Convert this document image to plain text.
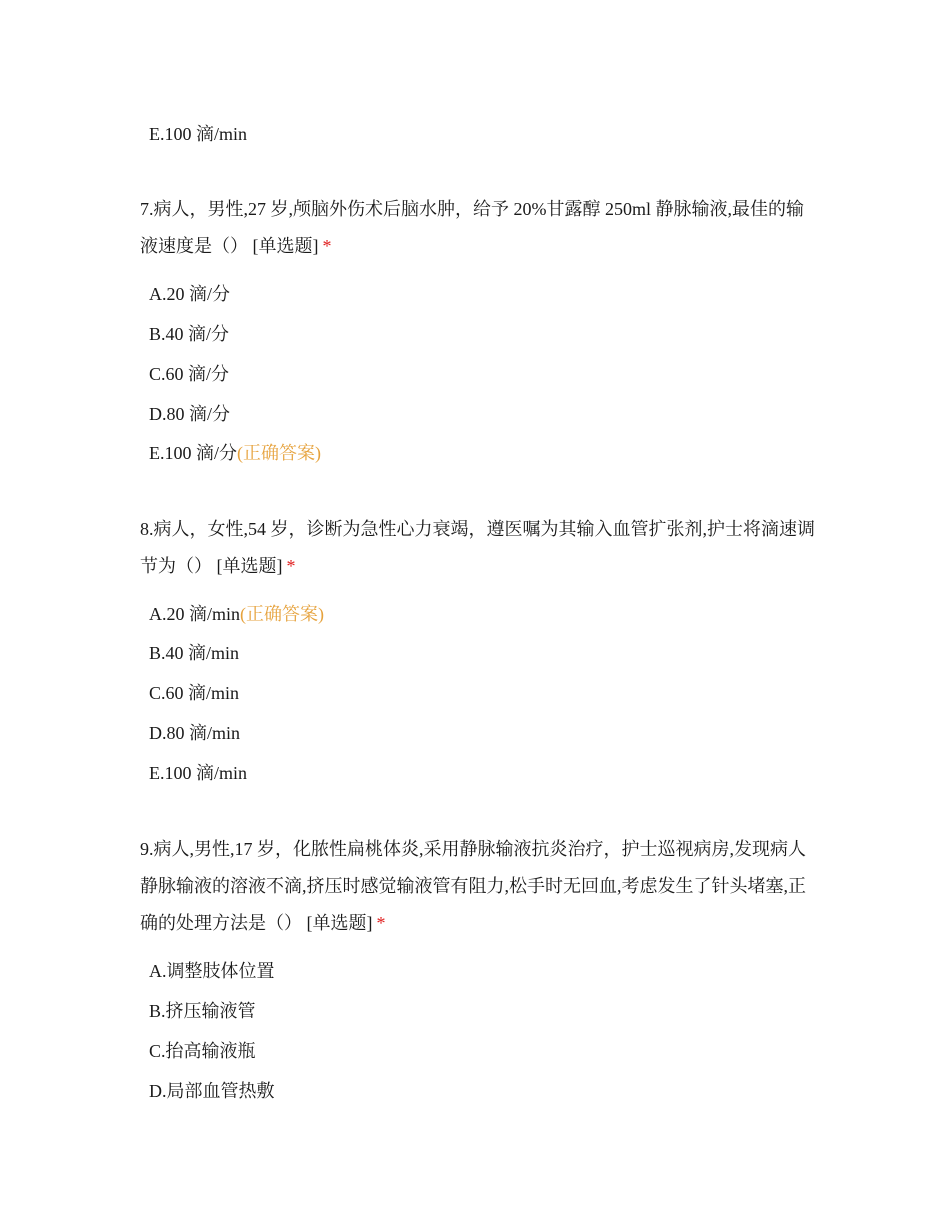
E.100 滴/min
7.病人，男性,27 岁,颅脑外伤术后脑水肿，给予 20%甘露醇 250ml 静脉输液,最佳的输液速度是（） [单选题] *
A.20 滴/分
B.40 滴/分
C.60 滴/分
D.80 滴/分
E.100 滴/分(正确答案)
8.病人，女性,54 岁，诊断为急性心力衰竭，遵医嘱为其输入血管扩张剂,护士将滴速调节为（） [单选题] *
A.20 滴/min(正确答案)
B.40 滴/min
C.60 滴/min
D.80 滴/min
E.100 滴/min
9.病人,男性,17 岁，化脓性扁桃体炎,采用静脉输液抗炎治疗，护士巡视病房,发现病人静脉输液的溶液不滴,挤压时感觉输液管有阻力,松手时无回血,考虑发生了针头堵塞,正确的处理方法是（） [单选题] *
A.调整肢体位置
B.挤压输液管
C.抬高输液瓶
D.局部血管热敷
